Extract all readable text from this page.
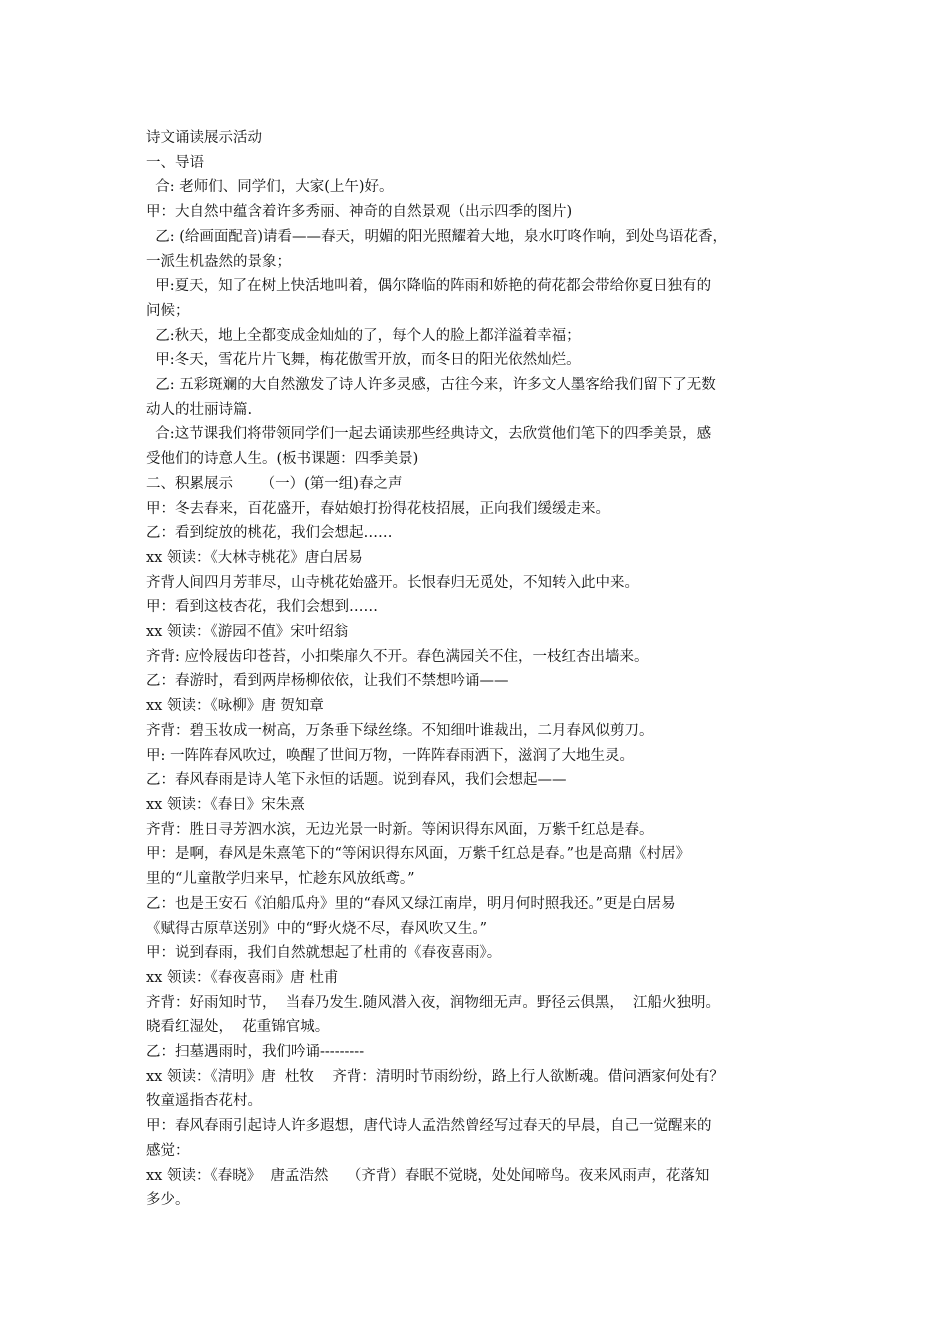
诗文诵读展示活动
一、导语
合: 老师们、同学们，大家(上午)好。
甲：大自然中蕴含着许多秀丽、神奇的自然景观（出示四季的图片)
乙: (给画面配音)请看——春天，明媚的阳光照耀着大地，泉水叮咚作响，到处鸟语花香，
一派生机盎然的景象；
甲:夏天，知了在树上快活地叫着，偶尔降临的阵雨和娇艳的荷花都会带给你夏日独有的
问候；
乙:秋天，地上全都变成金灿灿的了，每个人的脸上都洋溢着幸福；
甲:冬天，雪花片片飞舞，梅花傲雪开放，而冬日的阳光依然灿烂。
乙: 五彩斑斓的大自然激发了诗人许多灵感，古往今来，许多文人墨客给我们留下了无数
动人的壮丽诗篇.
合:这节课我们将带领同学们一起去诵读那些经典诗文，去欣赏他们笔下的四季美景，感
受他们的诗意人生。(板书课题：四季美景)
二、积累展示      （一）(第一组)春之声
甲：冬去春来，百花盛开，春姑娘打扮得花枝招展，正向我们缓缓走来。
乙：看到绽放的桃花，我们会想起……
xx 领读：《大林寺桃花》唐白居易
齐背人间四月芳菲尽，山寺桃花始盛开。长恨春归无觅处，不知转入此中来。
甲：看到这枝杏花，我们会想到……
xx 领读：《游园不值》宋叶绍翁
齐背: 应怜屐齿印苍苔，小扣柴扉久不开。春色满园关不住，一枝红杏出墙来。
乙：春游时，看到两岸杨柳依依，让我们不禁想吟诵——
xx 领读：《咏柳》唐 贺知章
齐背：碧玉妆成一树高，万条垂下绿丝绦。不知细叶谁裁出，二月春风似剪刀。
甲: 一阵阵春风吹过，唤醒了世间万物，一阵阵春雨洒下，滋润了大地生灵。
乙：春风春雨是诗人笔下永恒的话题。说到春风，我们会想起——
xx 领读：《春日》宋朱熹
齐背：胜日寻芳泗水滨，无边光景一时新。等闲识得东风面，万紫千红总是春。
甲：是啊，春风是朱熹笔下的“等闲识得东风面，万紫千红总是春。”也是高鼎《村居》
里的“儿童散学归来早，忙趁东风放纸鸢。”
乙：也是王安石《泊船瓜舟》里的“春风又绿江南岸，明月何时照我还。”更是白居易
《赋得古原草送别》中的“野火烧不尽，春风吹又生。”
甲：说到春雨，我们自然就想起了杜甫的《春夜喜雨》。
xx 领读：《春夜喜雨》唐 杜甫
齐背：好雨知时节，  当春乃发生.随风潜入夜，润物细无声。野径云俱黑，  江船火独明。
晓看红湿处，  花重锦官城。
乙：扫墓遇雨时，我们吟诵---------
xx 领读：《清明》唐  杜牧    齐背：清明时节雨纷纷，路上行人欲断魂。借问酒家何处有？
牧童遥指杏花村。
甲：春风春雨引起诗人许多遐想，唐代诗人孟浩然曾经写过春天的早晨，自己一觉醒来的
感觉：
xx 领读：《春晓》  唐孟浩然    （齐背）春眠不觉晓，处处闻啼鸟。夜来风雨声，花落知
多少。
